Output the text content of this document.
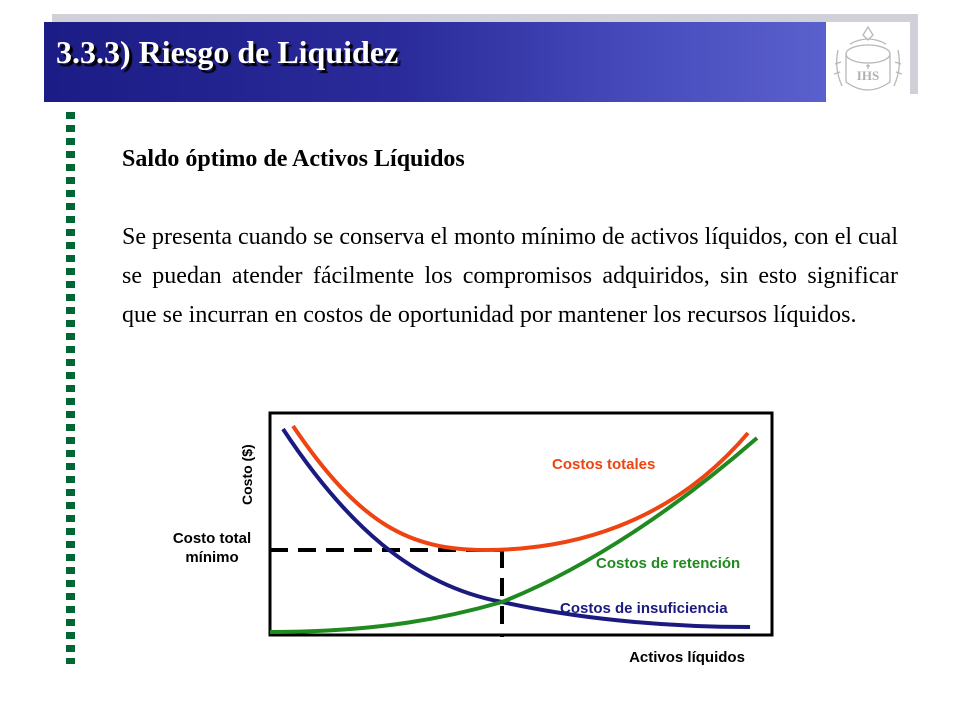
3.3.3) Riesgo de Liquidez
IHS
Saldo óptimo de Activos Líquidos
Se presenta cuando se conserva el monto mínimo de activos líquidos, con el cual se puedan atender fácilmente los compromisos adquiridos, sin esto significar que se incurran en costos de oportunidad por mantener los recursos líquidos.
Costos totales
Costos de retención
Costos de insuficiencia
Costo ($)
Activos líquidos
Costo total
mínimo
